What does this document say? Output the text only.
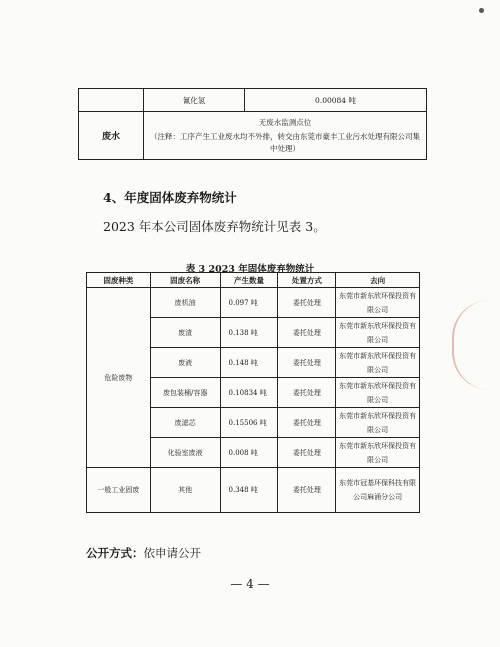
	氰化氢	0.00084 吨
废水	无废水监测点位
（注释：工序产生工业废水均不外排，转交由东莞市豪丰工业污水处理有限公司集中处理）	
4、年度固体废弃物统计
2023 年本公司固体废弃物统计见表 3。
表 3 2023 年固体废弃物统计
固废种类	固废名称	产生数量	处置方式	去向
危险废物	废机油	0.097 吨	委托处理	东莞市新东欣环保投资有限公司
	废渣	0.138 吨	委托处理	东莞市新东欣环保投资有限公司
	废液	0.148 吨	委托处理	东莞市新东欣环保投资有限公司
	废包装桶/容器	0.10834 吨	委托处理	东莞市新东欣环保投资有限公司
	废滤芯	0.15506 吨	委托处理	东莞市新东欣环保投资有限公司
	化验室废液	0.008 吨	委托处理	东莞市新东欣环保投资有限公司
一般工业固废	其他	0.348 吨	委托处理	东莞市冠基环保科技有限公司麻涌分公司
公开方式：依申请公开
— 4 —
